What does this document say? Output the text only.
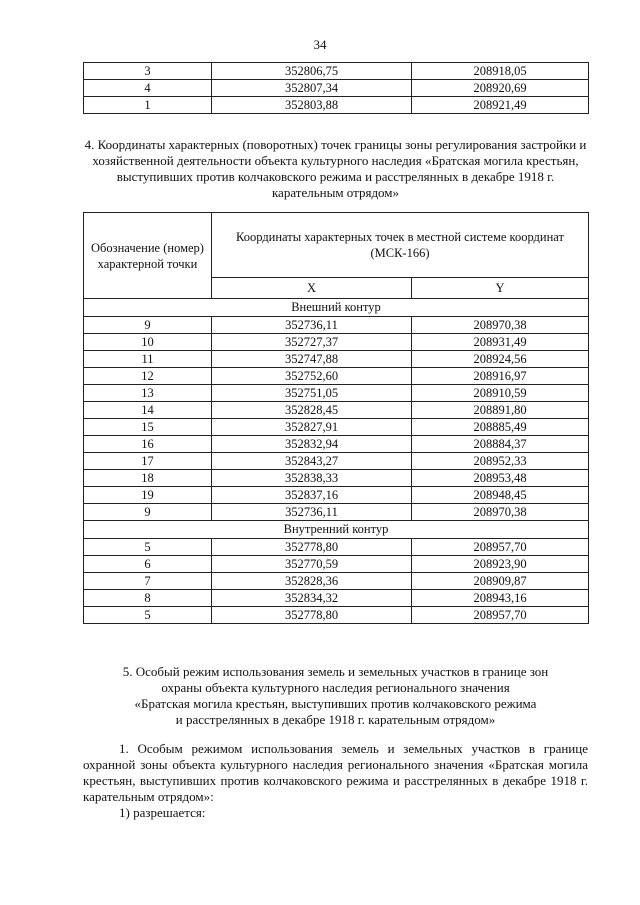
34
3	352806,75	208918,05
4	352807,34	208920,69
1	352803,88	208921,49
4. Координаты характерных (поворотных) точек границы зоны регулирования застройки и хозяйственной деятельности объекта культурного наследия «Братская могила крестьян, выступивших против колчаковского режима и расстрелянных в декабре 1918 г. карательным отрядом»
Обозначение (номер) характерной точки	Координаты характерных точек в местной системе координат (МСК-166)	
	X	Y
Внешний контур		
9	352736,11	208970,38
10	352727,37	208931,49
11	352747,88	208924,56
12	352752,60	208916,97
13	352751,05	208910,59
14	352828,45	208891,80
15	352827,91	208885,49
16	352832,94	208884,37
17	352843,27	208952,33
18	352838,33	208953,48
19	352837,16	208948,45
9	352736,11	208970,38
Внутренний контур		
5	352778,80	208957,70
6	352770,59	208923,90
7	352828,36	208909,87
8	352834,32	208943,16
5	352778,80	208957,70
5. Особый режим использования земель и земельных участков в границе зон
охраны объекта культурного наследия регионального значения
«Братская могила крестьян, выступивших против колчаковского режима
и расстрелянных в декабре 1918 г. карательным отрядом»
1. Особым режимом использования земель и земельных участков в границе охранной зоны объекта культурного наследия регионального значения «Братская могила крестьян, выступивших против колчаковского режима и расстрелянных в декабре 1918 г. карательным отрядом»:
1) разрешается:
